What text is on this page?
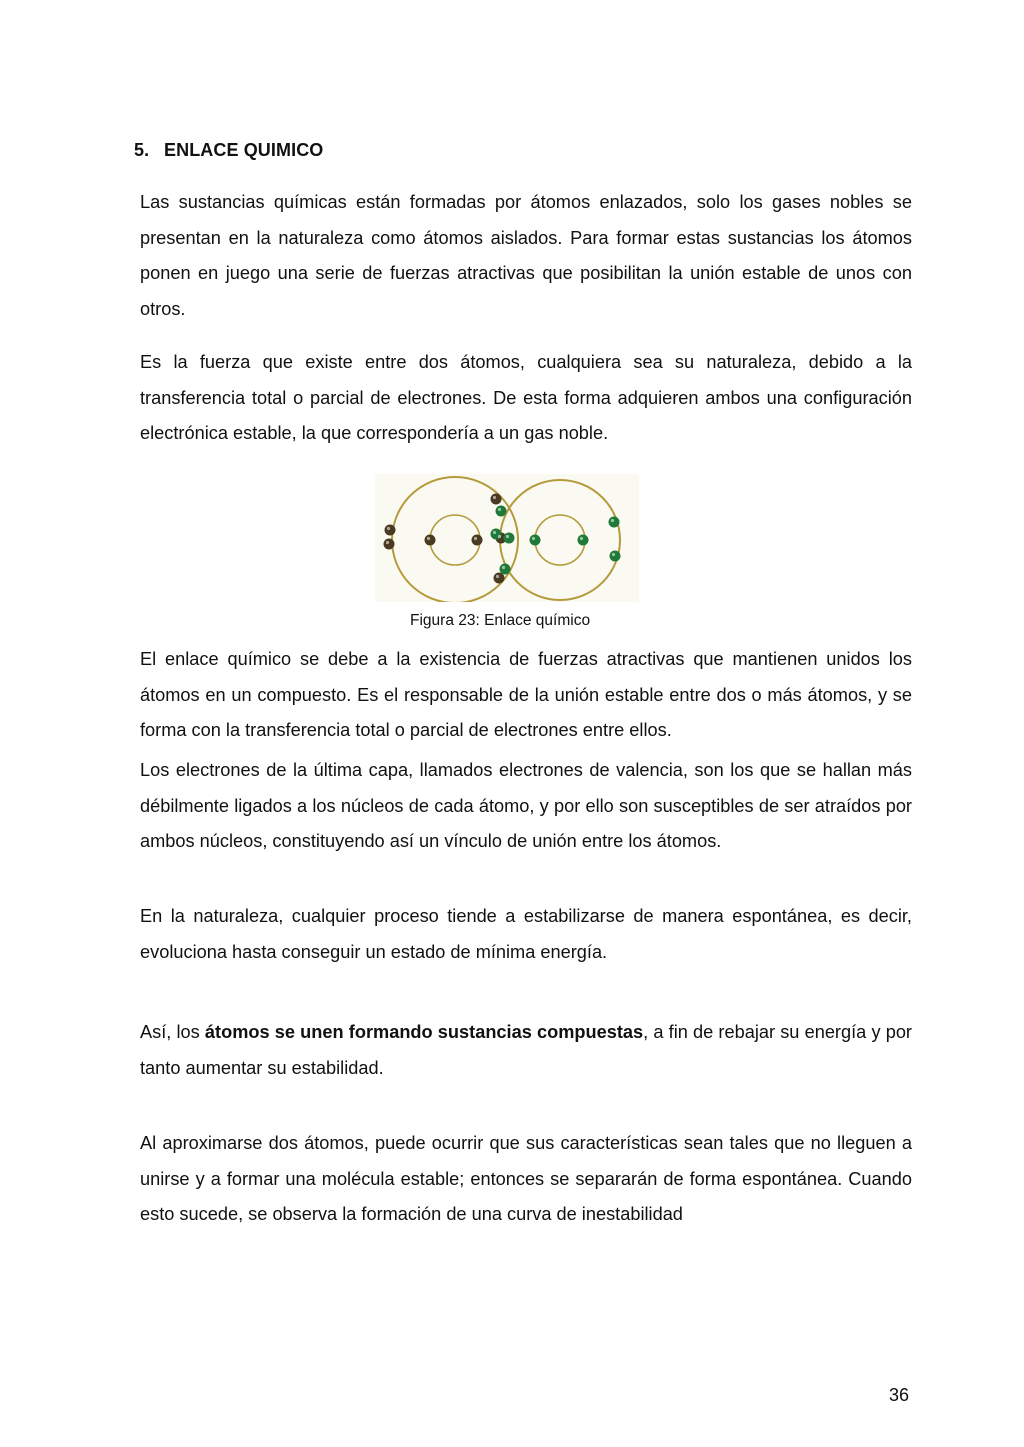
5. ENLACE QUIMICO

Las sustancias químicas están formadas por átomos enlazados, solo los gases nobles se presentan en la naturaleza como átomos aislados. Para formar estas sustancias los átomos ponen en juego una serie de fuerzas atractivas que posibilitan la unión estable de unos con otros.

Es la fuerza que existe entre dos átomos, cualquiera sea su naturaleza, debido a la transferencia total o parcial de electrones. De esta forma adquieren ambos una configuración electrónica estable, la que correspondería a un gas noble.

Figura 23: Enlace químico

El enlace químico se debe a la existencia de fuerzas atractivas que mantienen unidos los átomos en un compuesto. Es el responsable de la unión estable entre dos o más átomos, y se forma con la transferencia total o parcial de electrones entre ellos.

Los electrones de la última capa, llamados electrones de valencia, son los que se hallan más débilmente ligados a los núcleos de cada átomo, y por ello son susceptibles de ser atraídos por ambos núcleos, constituyendo así un vínculo de unión entre los átomos.

En la naturaleza, cualquier proceso tiende a estabilizarse de manera espontánea, es decir, evoluciona hasta conseguir un estado de mínima energía.

Así, los átomos se unen formando sustancias compuestas, a fin de rebajar su energía y por tanto aumentar su estabilidad.

Al aproximarse dos átomos, puede ocurrir que sus características sean tales que no lleguen a unirse y a formar una molécula estable; entonces se separarán de forma espontánea. Cuando esto sucede, se observa la formación de una curva de inestabilidad

36
